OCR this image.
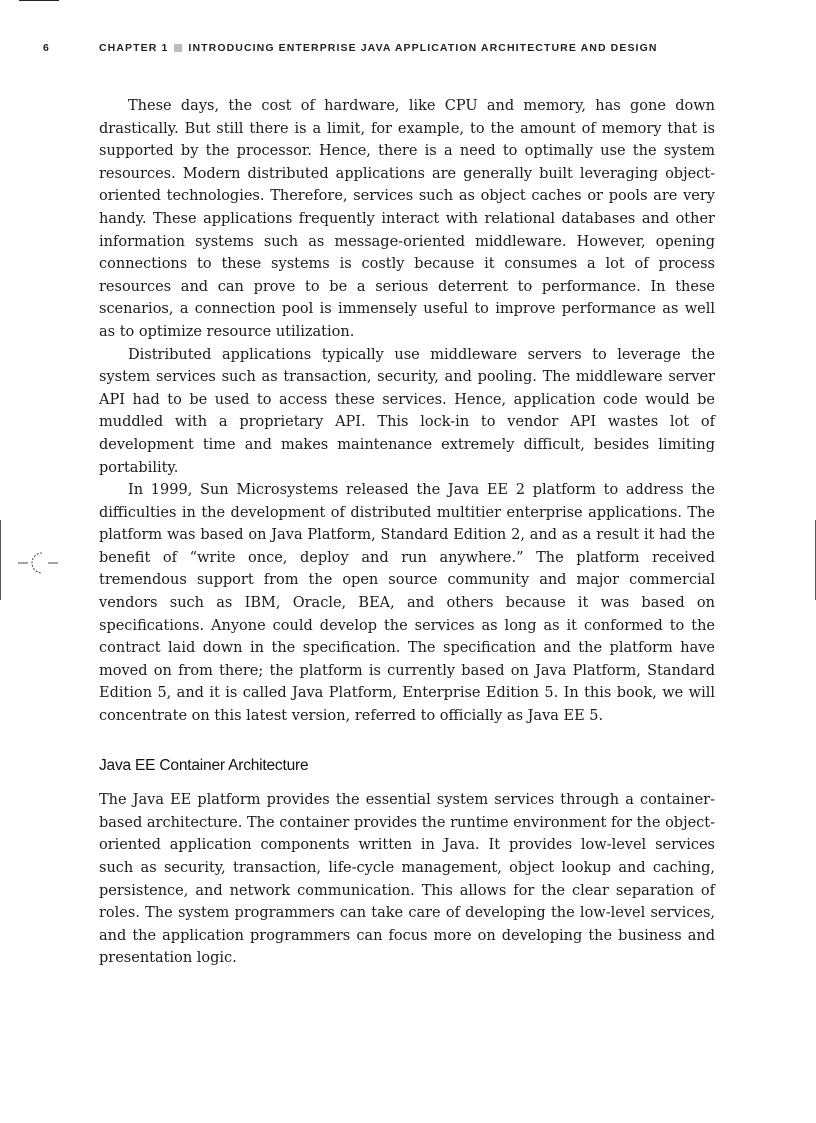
6	CHAPTER 1 INTRODUCING ENTERPRISE JAVA APPLICATION ARCHITECTURE AND DESIGN

These days, the cost of hardware, like CPU and memory, has gone down drastically. But still there is a limit, for example, to the amount of memory that is supported by the processor. Hence, there is a need to optimally use the system resources. Modern distributed applications are generally built leveraging object-oriented technologies. Therefore, services such as object caches or pools are very handy. These applications frequently interact with relational databases and other information systems such as message-oriented middleware. However, opening connections to these systems is costly because it consumes a lot of process resources and can prove to be a serious deterrent to performance. In these scenarios, a connection pool is immensely useful to improve performance as well as to optimize resource utilization.

Distributed applications typically use middleware servers to leverage the system services such as transaction, security, and pooling. The middleware server API had to be used to access these services. Hence, application code would be muddled with a proprietary API. This lock-in to vendor API wastes lot of development time and makes maintenance extremely difficult, besides limiting portability.

In 1999, Sun Microsystems released the Java EE 2 platform to address the difficulties in the development of distributed multitier enterprise applications. The platform was based on Java Platform, Standard Edition 2, and as a result it had the benefit of “write once, deploy and run anywhere.” The platform received tremendous support from the open source community and major commercial vendors such as IBM, Oracle, BEA, and others because it was based on specifications. Anyone could develop the services as long as it conformed to the contract laid down in the specification. The specification and the platform have moved on from there; the platform is currently based on Java Platform, Standard Edition 5, and it is called Java Platform, Enterprise Edition 5. In this book, we will concentrate on this latest version, referred to officially as Java EE 5.

Java EE Container Architecture

The Java EE platform provides the essential system services through a container-based architecture. The container provides the runtime environment for the object-oriented application components written in Java. It provides low-level services such as security, transaction, life-cycle management, object lookup and caching, persistence, and network communication. This allows for the clear separation of roles. The system programmers can take care of developing the low-level services, and the application programmers can focus more on developing the business and presentation logic.
